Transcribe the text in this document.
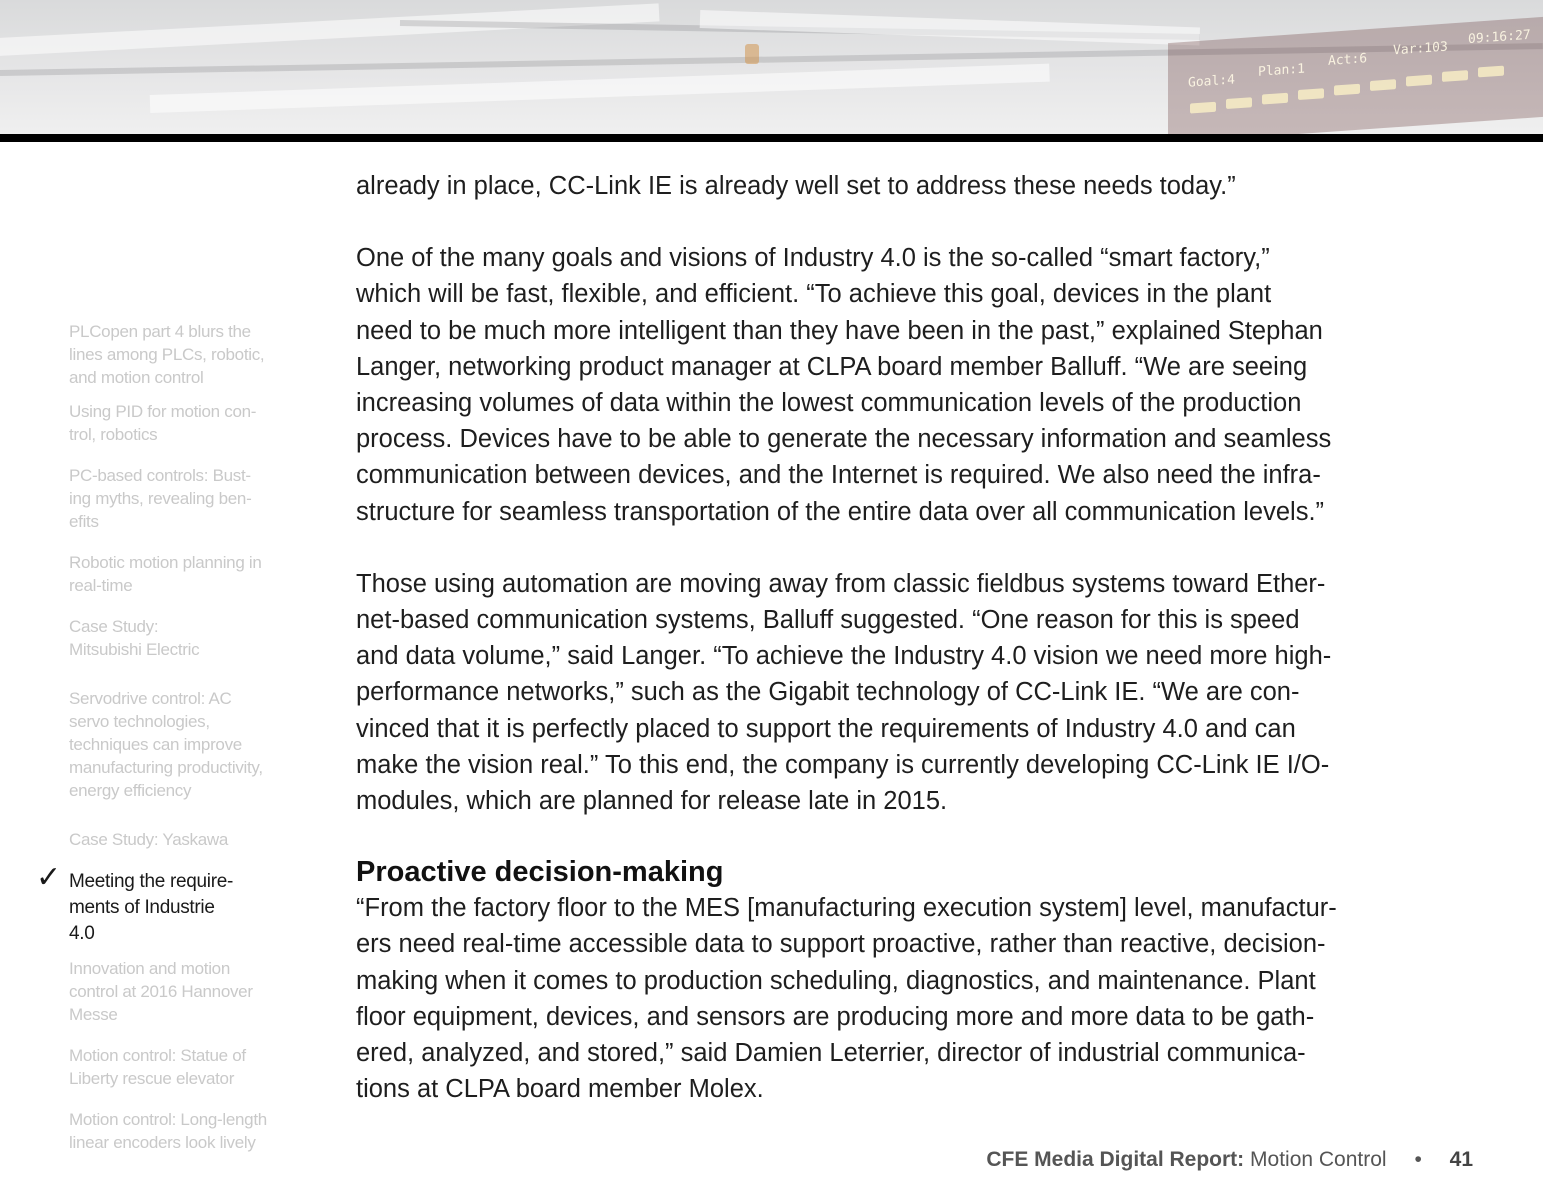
Goal:4
Plan:1
Act:6
Var:103
09:16:27
PLCopen part 4 blurs the
lines among PLCs, robotic,
and motion control
Using PID for motion con-
trol, robotics
PC-based controls: Bust-
ing myths, revealing ben-
efits
Robotic motion planning in
real-time
Case Study:
Mitsubishi Electric
Servodrive control: AC
servo technologies,
techniques can improve
manufacturing productivity,
energy efficiency
Case Study: Yaskawa
✓ Meeting the require-
ments of Industrie
4.0
Innovation and motion
control at 2016 Hannover
Messe
Motion control: Statue of
Liberty rescue elevator
Motion control: Long-length
linear encoders look lively

already in place, CC-Link IE is already well set to address these needs today.”

One of the many goals and visions of Industry 4.0 is the so-called “smart factory,”
which will be fast, flexible, and efficient. “To achieve this goal, devices in the plant
need to be much more intelligent than they have been in the past,” explained Stephan
Langer, networking product manager at CLPA board member Balluff. “We are seeing
increasing volumes of data within the lowest communication levels of the production
process. Devices have to be able to generate the necessary information and seamless
communication between devices, and the Internet is required. We also need the infra-
structure for seamless transportation of the entire data over all communication levels.”

Those using automation are moving away from classic fieldbus systems toward Ether-
net-based communication systems, Balluff suggested. “One reason for this is speed
and data volume,” said Langer. “To achieve the Industry 4.0 vision we need more high-
performance networks,” such as the Gigabit technology of CC-Link IE. “We are con-
vinced that it is perfectly placed to support the requirements of Industry 4.0 and can
make the vision real.” To this end, the company is currently developing CC-Link IE I/O-
modules, which are planned for release late in 2015.

Proactive decision-making

“From the factory floor to the MES [manufacturing execution system] level, manufactur-
ers need real-time accessible data to support proactive, rather than reactive, decision-
making when it comes to production scheduling, diagnostics, and maintenance. Plant
floor equipment, devices, and sensors are producing more and more data to be gath-
ered, analyzed, and stored,” said Damien Leterrier, director of industrial communica-
tions at CLPA board member Molex.

CFE Media Digital Report: Motion Control • 41
